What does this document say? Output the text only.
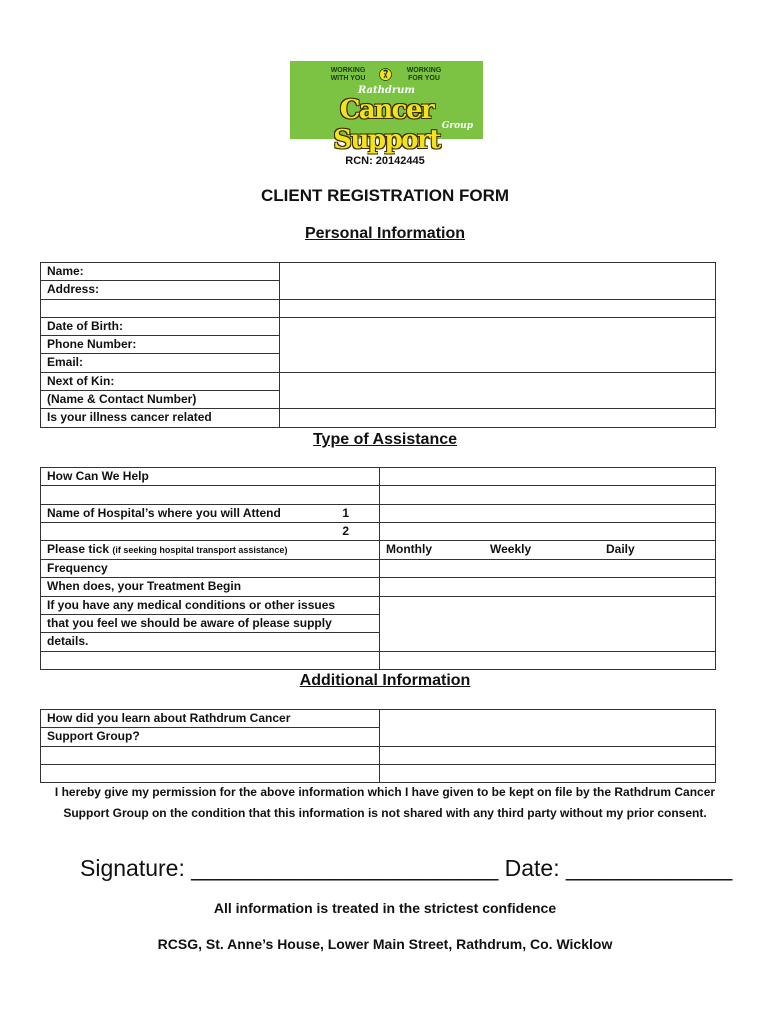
WORKING WITH YOU
WORKING FOR YOU
Rathdrum
Cancer Support Group
RCN: 20142445
CLIENT REGISTRATION FORM
Personal Information
Name:	
Address:	

Date of Birth:	
Phone Number:	
Email:	
Next of Kin:	
(Name & Contact Number)	
Is your illness cancer related	
Type of Assistance
How Can We Help	

Name of Hospital’s where you will Attend 1	

2	

Please tick (if seeking hospital transport assistance)	Monthly Weekly Daily
Frequency	
When does, your Treatment Begin	
If you have any medical conditions or other issues	
that you feel we should be aware of please supply	
details.	

Additional Information
How did you learn about Rathdrum Cancer	
Support Group?	

I hereby give my permission for the above information which I have given to be kept on file by the Rathdrum Cancer Support Group on the condition that this information is not shared with any third party without my prior consent.
Signature: ________________________ Date: _____________
All information is treated in the strictest confidence
RCSG, St. Anne’s House, Lower Main Street, Rathdrum, Co. Wicklow
